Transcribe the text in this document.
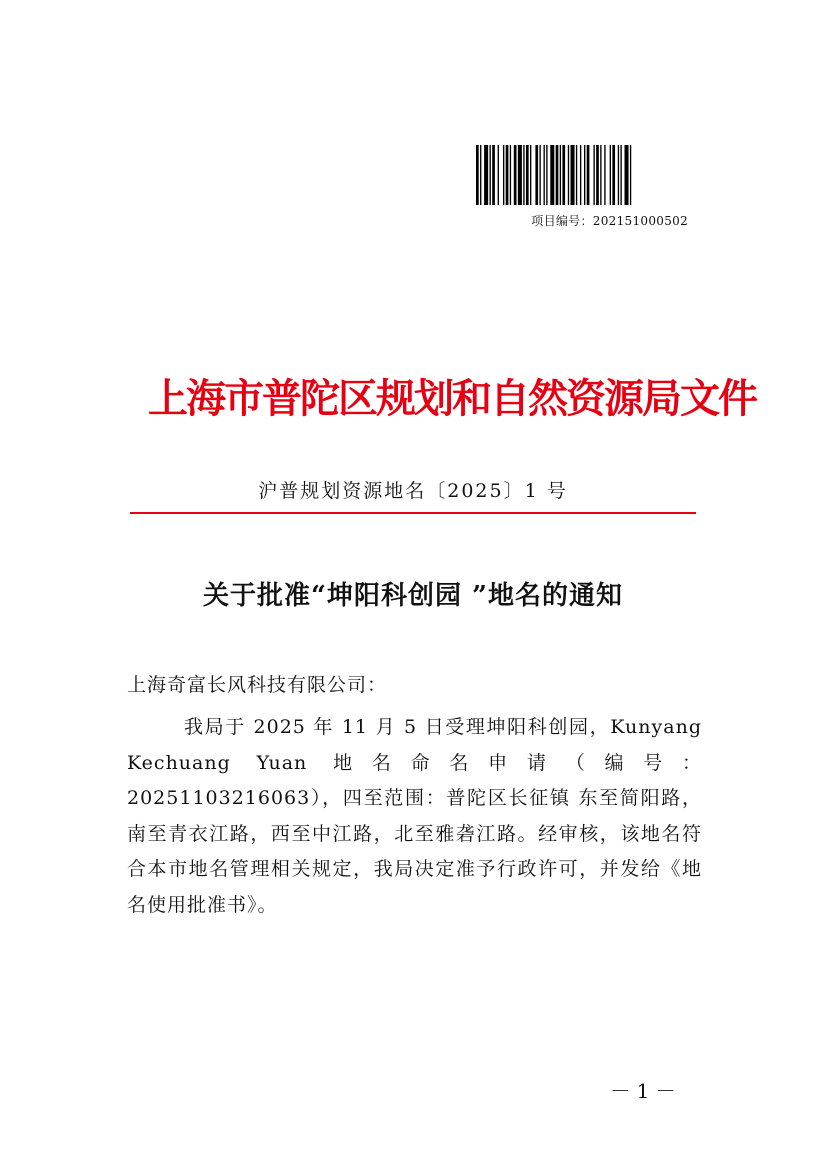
项目编号：202151000502
上海市普陀区规划和自然资源局文件
沪普规划资源地名〔2025〕1 号
关于批准“坤阳科创园 ”地名的通知
上海奇富长风科技有限公司：

我局于 2025 年 11 月 5 日受理坤阳科创园，Kunyang Kechuang Yuan 地名命名申请（编号：20251103216063），四至范围：普陀区长征镇 东至简阳路，南至青衣江路，西至中江路，北至雅砻江路。经审核，该地名符合本市地名管理相关规定，我局决定准予行政许可，并发给《地名使用批准书》。

－ 1 －
